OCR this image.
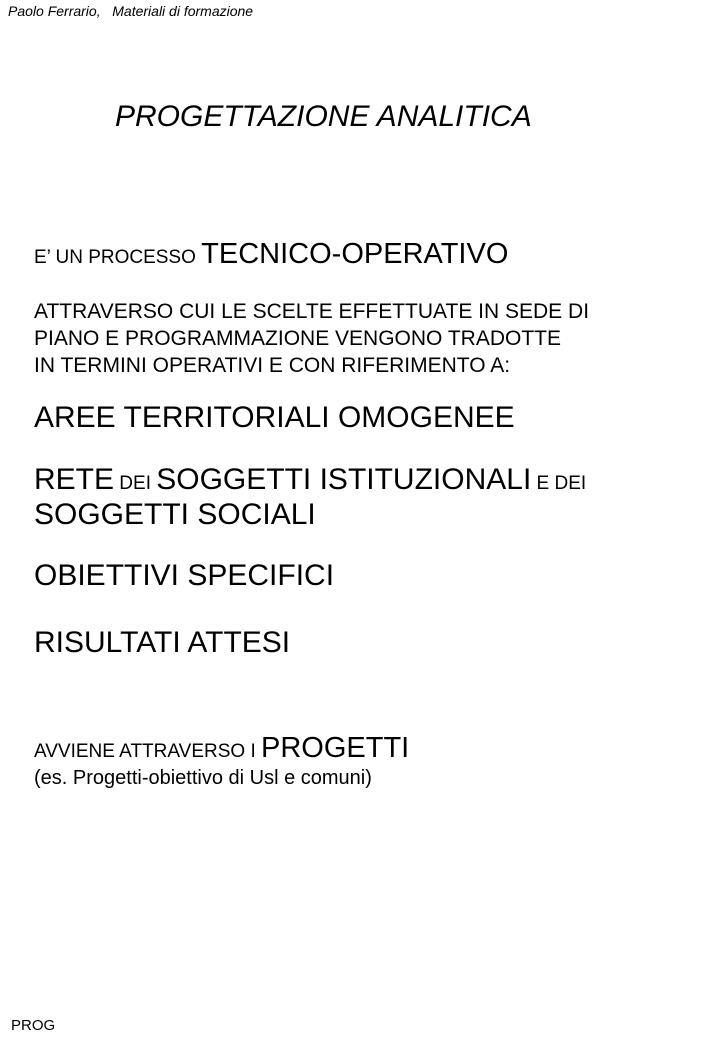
Paolo Ferrario,   Materiali di formazione
PROGETTAZIONE ANALITICA
E’ UN PROCESSO TECNICO-OPERATIVO
ATTRAVERSO CUI LE SCELTE EFFETTUATE IN SEDE DI
PIANO E PROGRAMMAZIONE VENGONO TRADOTTE
IN TERMINI OPERATIVI E CON RIFERIMENTO A:
AREE TERRITORIALI OMOGENEE
RETE DEI SOGGETTI ISTITUZIONALI E DEI
SOGGETTI SOCIALI
OBIETTIVI SPECIFICI
RISULTATI ATTESI
AVVIENE ATTRAVERSO I PROGETTI
(es. Progetti-obiettivo di Usl e comuni)
PROG
